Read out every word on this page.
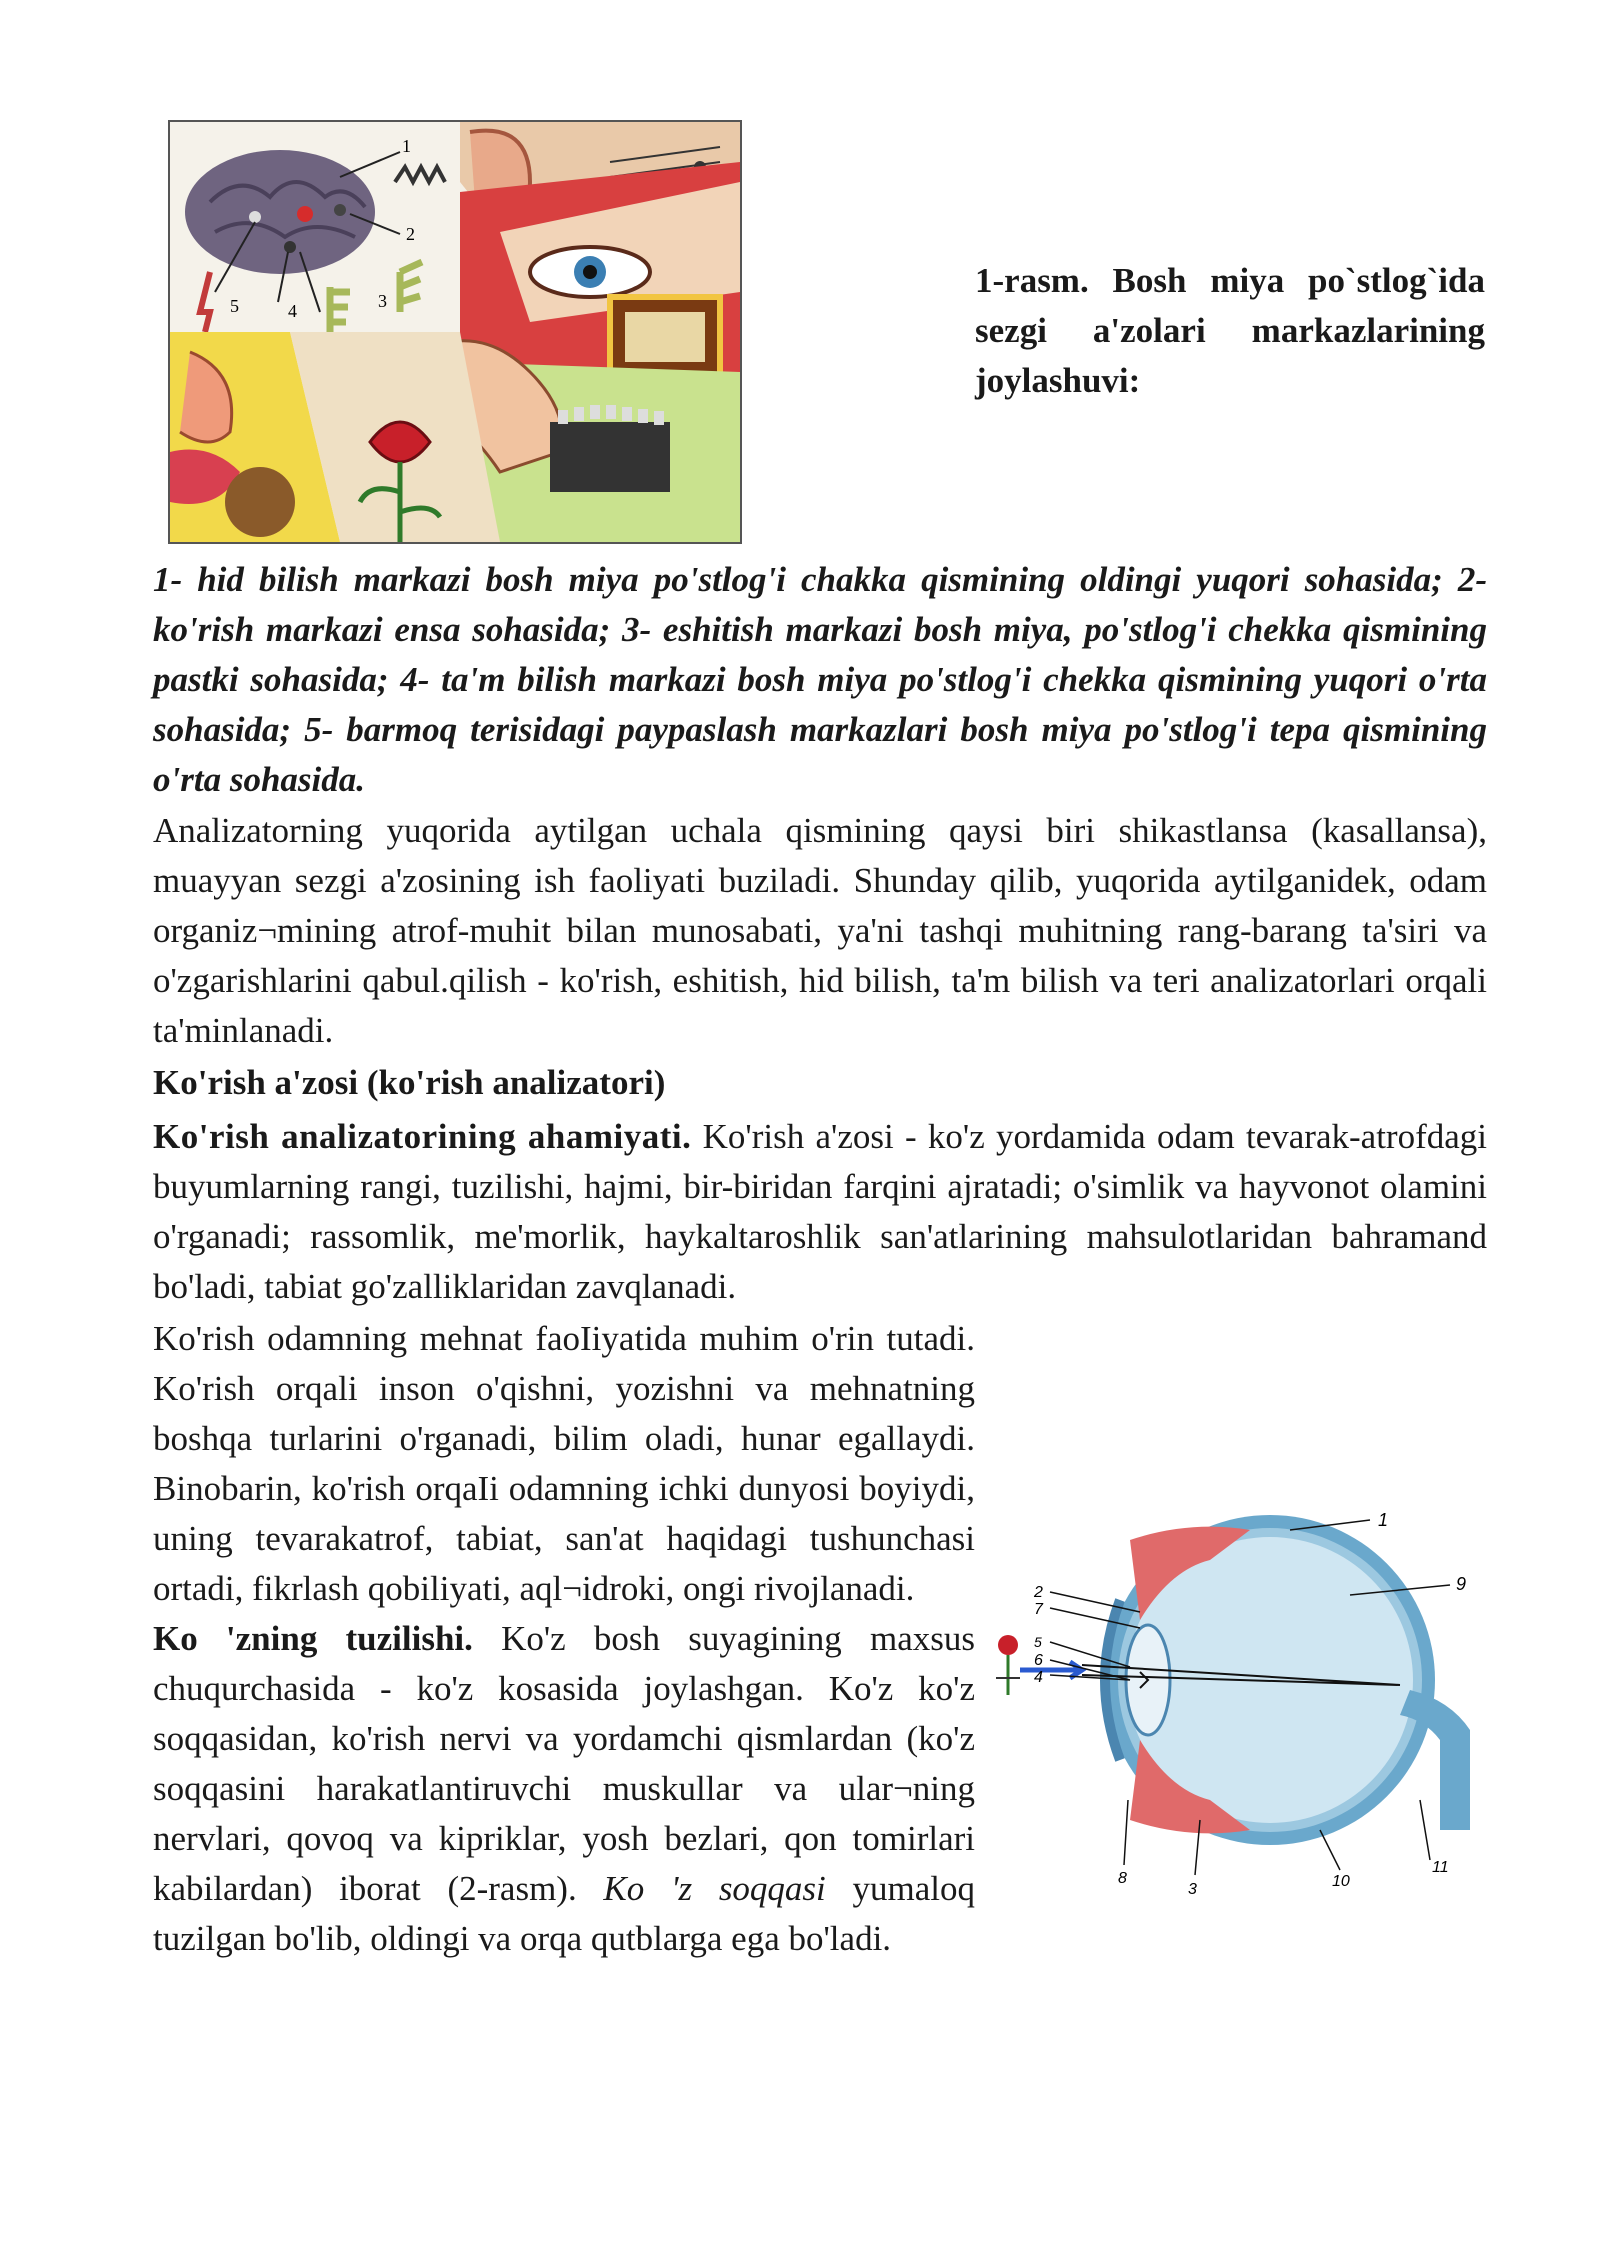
1
2
3
4
5
1-rasm. Bosh miya po`stlog`ida sezgi a'zolari markazlarining joylashuvi:
1- hid bilish markazi bosh miya po'stlog'i chakka qismining oldingi yuqori sohasida; 2- ko'rish markazi ensa sohasida; 3- eshitish markazi bosh miya, po'stlog'i chekka qismining pastki sohasida; 4- ta'm bilish markazi bosh miya po'stlog'i chekka qismining yuqori o'rta sohasida; 5- barmoq terisidagi paypaslash markazlari bosh miya po'stlog'i tepa qismining o'rta sohasida.
Analizatorning yuqorida aytilgan uchala qismining qaysi biri shikastlansa (kasallansa), muayyan sezgi a'zosining ish faoliyati buziladi. Shunday qilib, yuqorida aytilganidek, odam organiz¬mining atrof-muhit bilan munosabati, ya'ni tashqi muhitning rang-barang ta'siri va o'zgarishlarini qabul.qilish - ko'rish, eshitish, hid bilish, ta'm bilish va teri analizatorlari orqali ta'minlanadi.
Ko'rish a'zosi (ko'rish analizatori)
Ko'rish analizatorining ahamiyati. Ko'rish a'zosi - ko'z yordamida odam tevarak-atrofdagi buyumlarning rangi, tuzilishi, hajmi, bir-biridan farqini ajratadi; o'simlik va hayvonot olamini o'rganadi; rassomlik, me'morlik, haykaltaroshlik san'atlarining mahsulotlaridan bahramand bo'ladi, tabiat go'zalliklaridan zavqlanadi.

Ko'rish odamning mehnat faoIiyatida muhim o'rin tutadi. Ko'rish orqali inson o'qishni, yozishni va mehnatning boshqa turlarini o'rganadi, bilim oladi, hunar egallaydi. Binobarin, ko'rish orqaIi odamning ichki dunyosi boyiydi, uning tevarakatrof, tabiat, san'at haqidagi tushunchasi ortadi, fikrlash qobiliyati, aql¬idroki, ongi rivojlanadi.

Ko 'zning tuzilishi. Ko'z bosh suyagining maxsus chuqurchasida - ko'z kosasida joylashgan. Ko'z ko'z soqqasidan, ko'rish nervi va yordamchi qismlardan (ko'z soqqasini harakatlantiruvchi muskullar va ular¬ning nervlari, qovoq va kipriklar, yosh bezlari, qon tomirlari kabilardan) iborat (2-rasm). Ko 'z soqqasi yumaloq tuzilgan bo'lib, oldingi va orqa qutblarga ega bo'ladi.

1
9
2
7
5
6
4
8
3	10
11
